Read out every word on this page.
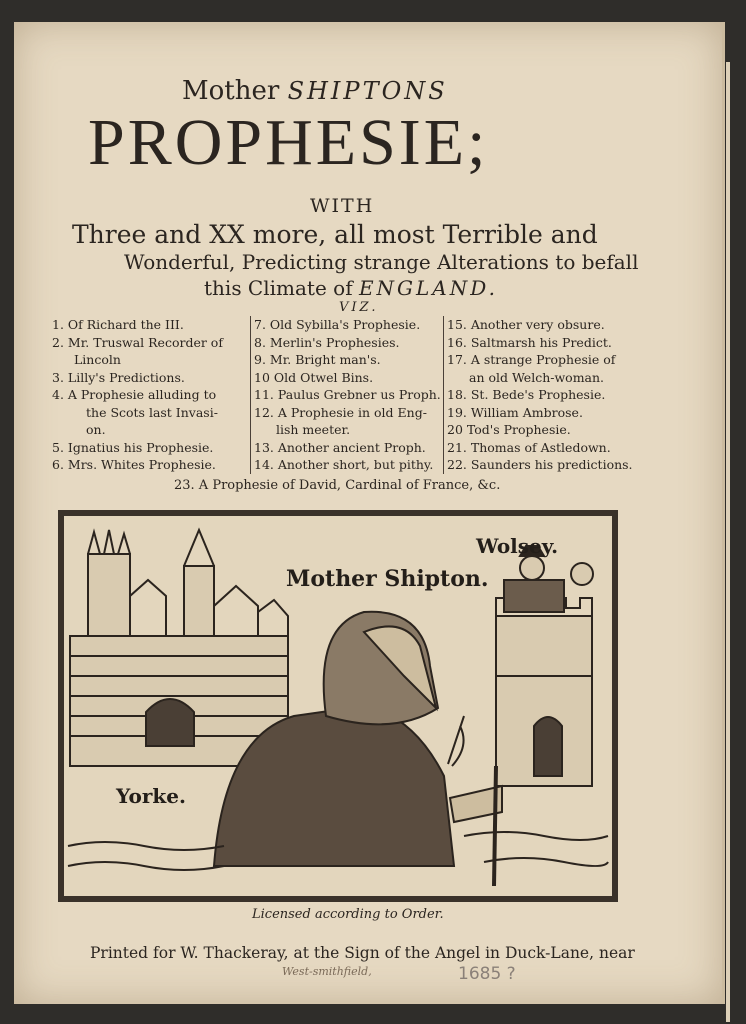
Mother SHIPTONS
PROPHESIE;
WITH
Three and XX more, all most Terrible and
Wonderful, Predicting strange Alterations to befall
this Climate of ENGLAND.
VIZ.
1. Of Richard the III.
2. Mr. Truswal Recorder of
Lincoln
3. Lilly's Predictions.
4. A Prophesie alluding to
the Scots last Invasi-
on.
5. Ignatius his Prophesie.
6. Mrs. Whites Prophesie.
7. Old Sybilla's Prophesie.
8. Merlin's Prophesies.
9. Mr. Bright man's.
10 Old Otwel Bins.
11. Paulus Grebner us Proph.
12. A Prophesie in old Eng-
lish meeter.
13. Another ancient Proph.
14. Another short, but pithy.
15. Another very obsure.
16. Saltmarsh his Predict.
17. A strange Prophesie of
an old Welch-woman.
18. St. Bede's Prophesie.
19. William Ambrose.
20 Tod's Prophesie.
21. Thomas of Astledown.
22. Saunders his predictions.
23. A Prophesie of David, Cardinal of France, &c.
Mother Shipton.
Wolsey.
Yorke.
Licensed according to Order.
Printed for W. Thackeray, at the Sign of the Angel in Duck-Lane, near
West-smithfield,	1685 ?
